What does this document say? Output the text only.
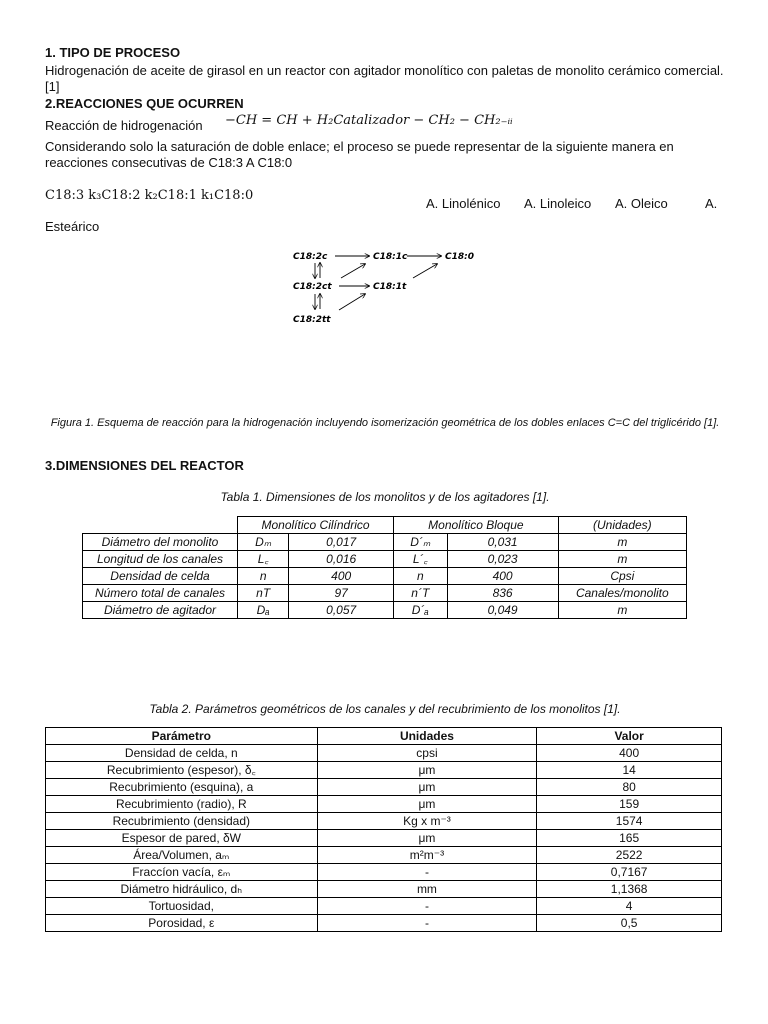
1. TIPO DE PROCESO
Hidrogenación de aceite de girasol en un reactor con agitador monolítico con paletas de monolito cerámico comercial. [1]
2.REACCIONES QUE OCURREN
Reacción de hidrogenación −CH = CH + H₂Catalizador − CH₂ − CH₂₋ᵢᵢ
Considerando solo la saturación de doble enlace; el proceso se puede representar de la siguiente manera en reacciones consecutivas de C18:3 A C18:0
C18:3 k₃C18:2 k₂C18:1 k₁C18:0
A. Linolénico A. Linoleico A. Oleico	A.
Esteárico
C18:2c	C18:1c	C18:0
C18:2ct	C18:1t
C18:2tt
Figura 1. Esquema de reacción para la hidrogenación incluyendo isomerización geométrica de los dobles enlaces C=C del triglicérido [1].
3.DIMENSIONES DEL REACTOR
Tabla 1. Dimensiones de los monolitos y de los agitadores [1].
	Monolítico Cilíndrico		Monolítico Bloque		(Unidades)
Diámetro del monolito	Dₘ	0,017	D´ₘ	0,031	m
Longitud de los canales	L꜀	0,016	L´꜀	0,023	m
Densidad de celda	n	400	n	400	Cpsi
Número total de canales	nT	97	n´T	836	Canales/monolito
Diámetro de agitador	Dₐ	0,057	D´ₐ	0,049	m
Tabla 2. Parámetros geométricos de los canales y del recubrimiento de los monolitos [1].
Parámetro	Unidades	Valor
Densidad de celda, n	cpsi	400
Recubrimiento (espesor), δ꜀	μm	14
Recubrimiento (esquina), a	μm	80
Recubrimiento (radio), R	μm	159
Recubrimiento (densidad)	Kg x m⁻³	1574
Espesor de pared, δW	μm	165
Área/Volumen, aₘ	m²m⁻³	2522
Fraccíon vacía, εₘ	-	0,7167
Diámetro hidráulico, dₕ	mm	1,1368
Tortuosidad,	-	4
Porosidad, ε	-	0,5
